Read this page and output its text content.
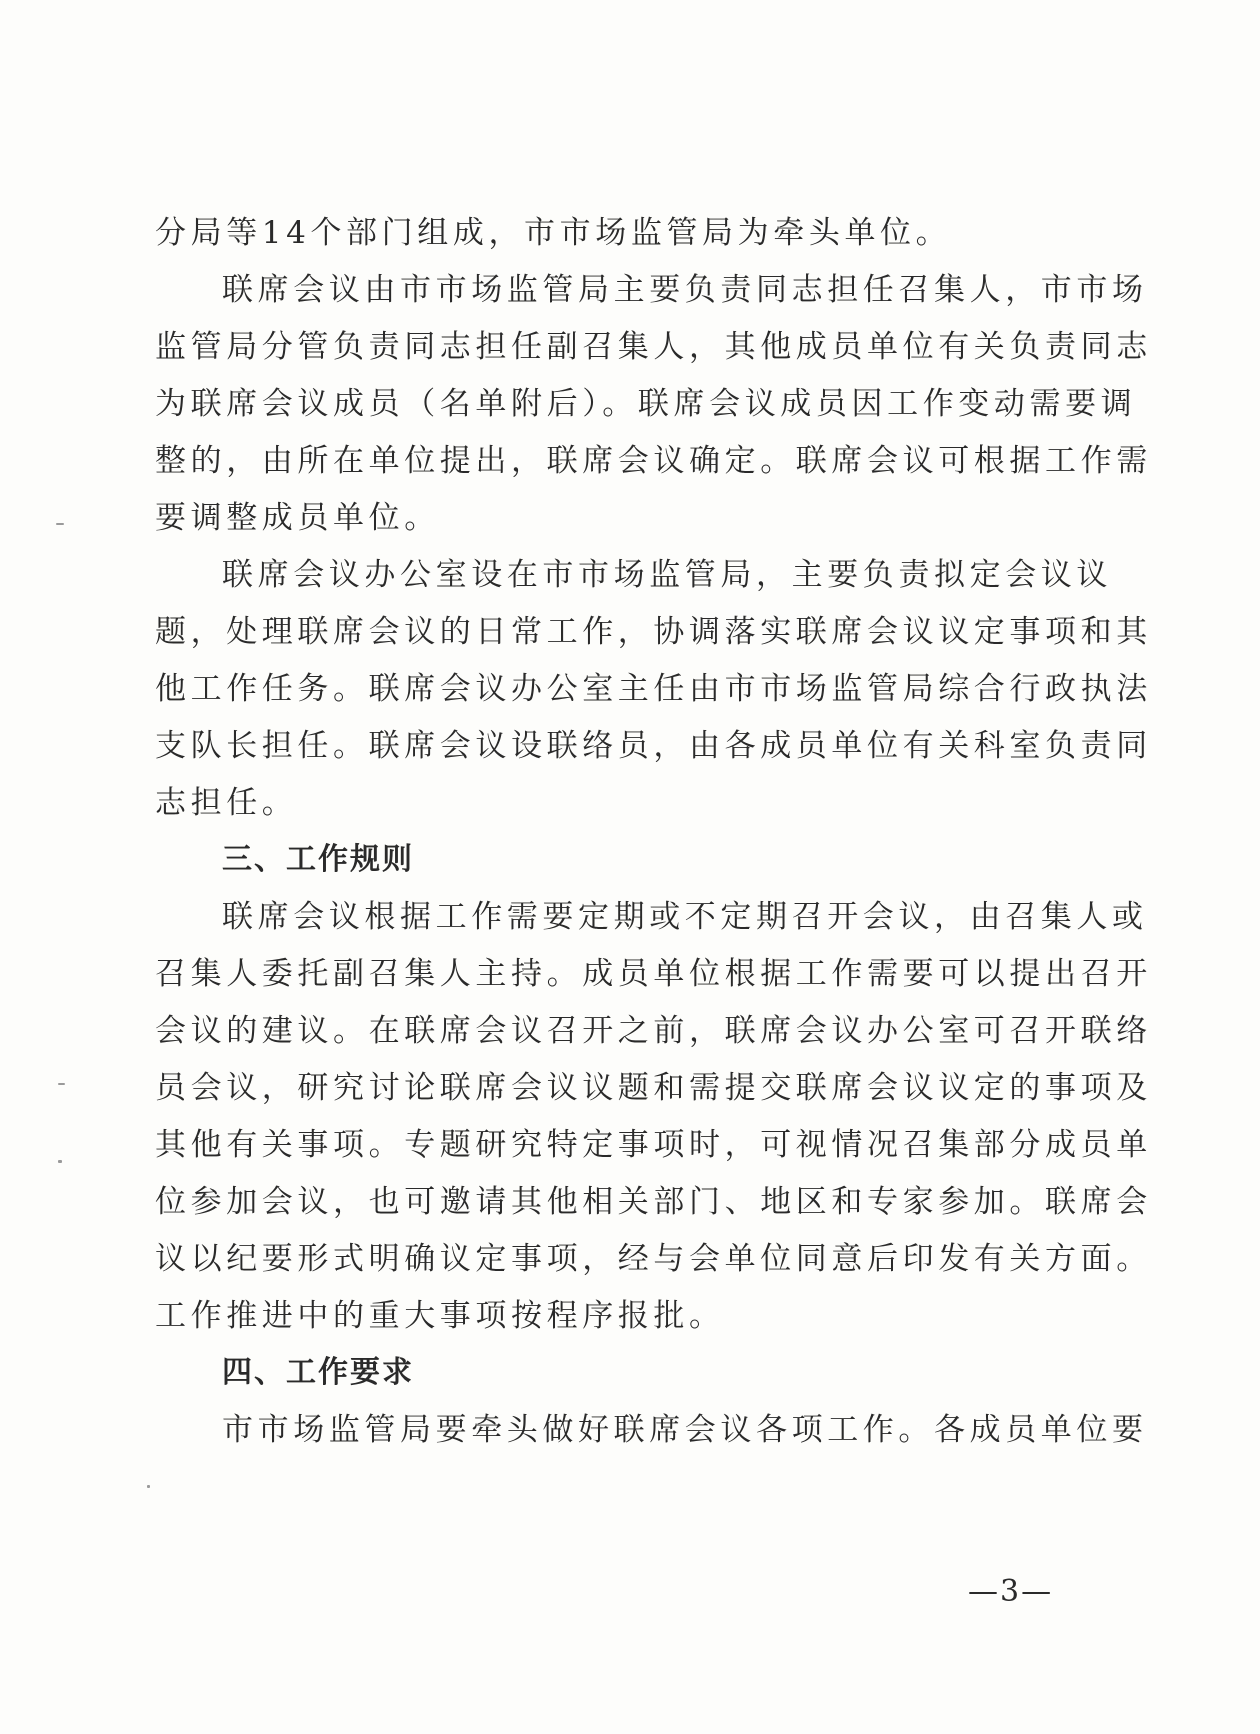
分局等14个部门组成，市市场监管局为牵头单位。
联席会议由市市场监管局主要负责同志担任召集人，市市场
监管局分管负责同志担任副召集人，其他成员单位有关负责同志
为联席会议成员（名单附后）。联席会议成员因工作变动需要调
整的，由所在单位提出，联席会议确定。联席会议可根据工作需
要调整成员单位。
联席会议办公室设在市市场监管局，主要负责拟定会议议
题，处理联席会议的日常工作，协调落实联席会议议定事项和其
他工作任务。联席会议办公室主任由市市场监管局综合行政执法
支队长担任。联席会议设联络员，由各成员单位有关科室负责同
志担任。
三、工作规则
联席会议根据工作需要定期或不定期召开会议，由召集人或
召集人委托副召集人主持。成员单位根据工作需要可以提出召开
会议的建议。在联席会议召开之前，联席会议办公室可召开联络
员会议，研究讨论联席会议议题和需提交联席会议议定的事项及
其他有关事项。专题研究特定事项时，可视情况召集部分成员单
位参加会议，也可邀请其他相关部门、地区和专家参加。联席会
议以纪要形式明确议定事项，经与会单位同意后印发有关方面。
工作推进中的重大事项按程序报批。
四、工作要求
市市场监管局要牵头做好联席会议各项工作。各成员单位要
—3—
